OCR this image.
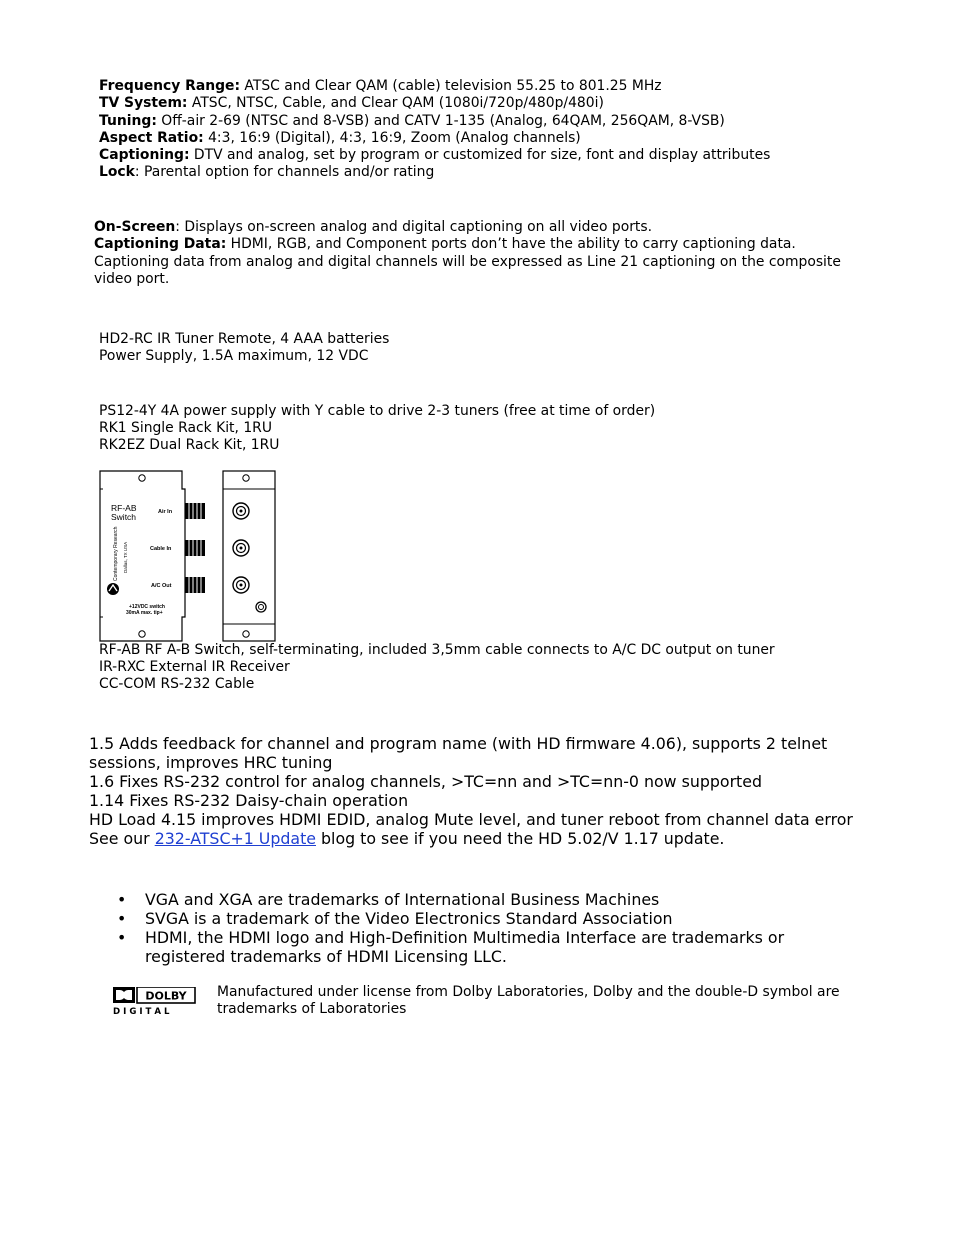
Frequency Range: ATSC and Clear QAM (cable) television 55.25 to 801.25 MHz
TV System: ATSC, NTSC, Cable, and Clear QAM (1080i/720p/480p/480i)
Tuning: Off-air 2-69 (NTSC and 8-VSB) and CATV 1-135 (Analog, 64QAM, 256QAM, 8-VSB)
Aspect Ratio: 4:3, 16:9 (Digital), 4:3, 16:9, Zoom (Analog channels)
Captioning: DTV and analog, set by program or customized for size, font and display attributes
Lock: Parental option for channels and/or rating
On-Screen: Displays on-screen analog and digital captioning on all video ports.
Captioning Data: HDMI, RGB, and Component ports don’t have the ability to carry captioning data. Captioning data from analog and digital channels will be expressed as Line 21 captioning on the composite video port.
HD2-RC IR Tuner Remote, 4 AAA batteries
Power Supply, 1.5A maximum, 12 VDC
PS12-4Y 4A power supply with Y cable to drive 2-3 tuners (free at time of order)
RK1 Single Rack Kit, 1RU
RK2EZ Dual Rack Kit, 1RU
RF-AB
Switch	Air In
Cable In
A/C Out
+12VDC switch
30mA max. tip+
Contemporary Research Dallas, TX USA
RF-AB RF A-B Switch, self-terminating, included 3,5mm cable connects to A/C DC output on tuner
IR-RXC External IR Receiver
CC-COM RS-232 Cable
1.5 Adds feedback for channel and program name (with HD firmware 4.06), supports 2 telnet sessions, improves HRC tuning
1.6 Fixes RS-232 control for analog channels, >TC=nn and >TC=nn-0 now supported
1.14 Fixes RS-232 Daisy-chain operation
HD Load 4.15 improves HDMI EDID, analog Mute level, and tuner reboot from channel data error
See our 232-ATSC+1 Update blog to see if you need the HD 5.02/V 1.17 update.
• VGA and XGA are trademarks of International Business Machines
• SVGA is a trademark of the Video Electronics Standard Association
• HDMI, the HDMI logo and High-Definition Multimedia Interface are trademarks or registered trademarks of HDMI Licensing LLC.
DOLBY
D I G I T A L
Manufactured under license from Dolby Laboratories, Dolby and the double-D symbol are trademarks of Laboratories
